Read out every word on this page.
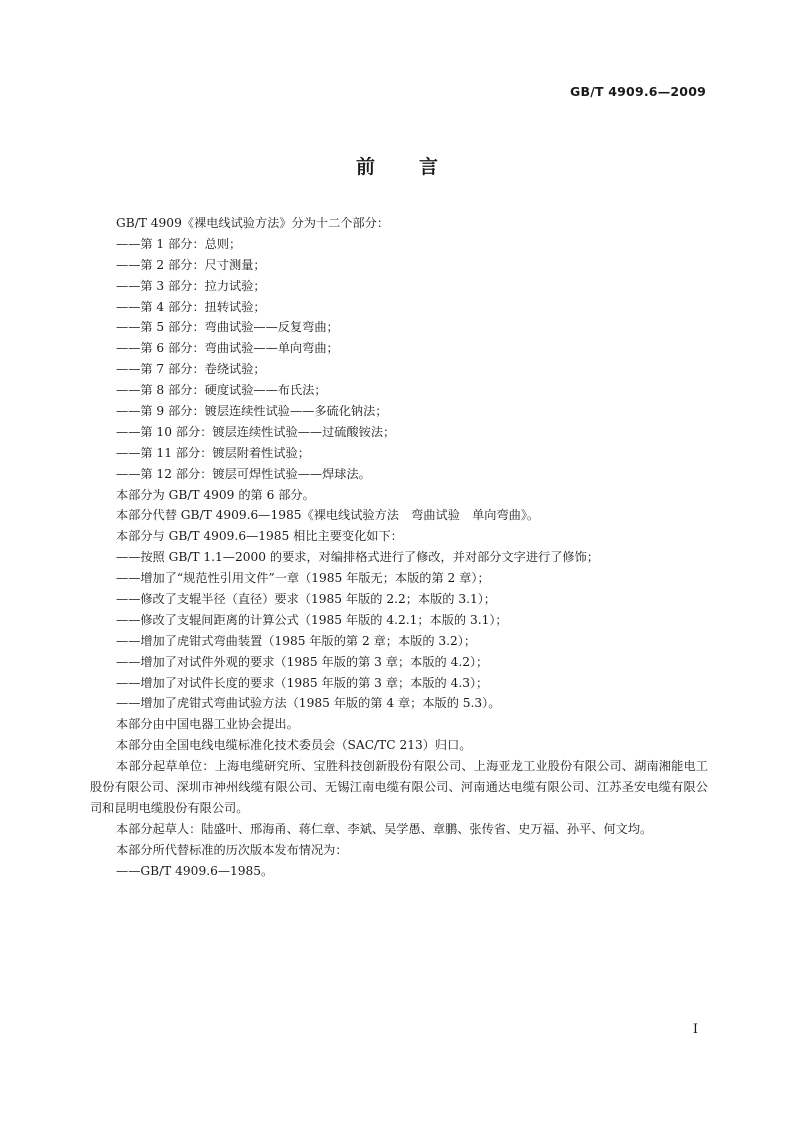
GB/T 4909.6—2009
前言
GB/T 4909《裸电线试验方法》分为十二个部分：
——第 1 部分：总则；
——第 2 部分：尺寸测量；
——第 3 部分：拉力试验；
——第 4 部分：扭转试验；
——第 5 部分：弯曲试验——反复弯曲；
——第 6 部分：弯曲试验——单向弯曲；
——第 7 部分：卷绕试验；
——第 8 部分：硬度试验——布氏法；
——第 9 部分：镀层连续性试验——多硫化钠法；
——第 10 部分：镀层连续性试验——过硫酸铵法；
——第 11 部分：镀层附着性试验；
——第 12 部分：镀层可焊性试验——焊球法。
本部分为 GB/T 4909 的第 6 部分。
本部分代替 GB/T 4909.6—1985《裸电线试验方法　弯曲试验　单向弯曲》。
本部分与 GB/T 4909.6—1985 相比主要变化如下：
——按照 GB/T 1.1—2000 的要求，对编排格式进行了修改，并对部分文字进行了修饰；
——增加了“规范性引用文件”一章（1985 年版无；本版的第 2 章）；
——修改了支辊半径（直径）要求（1985 年版的 2.2；本版的 3.1）；
——修改了支辊间距离的计算公式（1985 年版的 4.2.1；本版的 3.1）；
——增加了虎钳式弯曲装置（1985 年版的第 2 章；本版的 3.2）；
——增加了对试件外观的要求（1985 年版的第 3 章；本版的 4.2）；
——增加了对试件长度的要求（1985 年版的第 3 章；本版的 4.3）；
——增加了虎钳式弯曲试验方法（1985 年版的第 4 章；本版的 5.3）。
本部分由中国电器工业协会提出。
本部分由全国电线电缆标准化技术委员会（SAC/TC 213）归口。
本部分起草单位：上海电缆研究所、宝胜科技创新股份有限公司、上海亚龙工业股份有限公司、湖南湘能电工股份有限公司、深圳市神州线缆有限公司、无锡江南电缆有限公司、河南通达电缆有限公司、江苏圣安电缆有限公司和昆明电缆股份有限公司。
本部分起草人：陆盛叶、邢海甬、蒋仁章、李斌、吴学愚、章鹏、张传省、史万福、孙平、何文均。
本部分所代替标准的历次版本发布情况为：
——GB/T 4909.6—1985。
I
